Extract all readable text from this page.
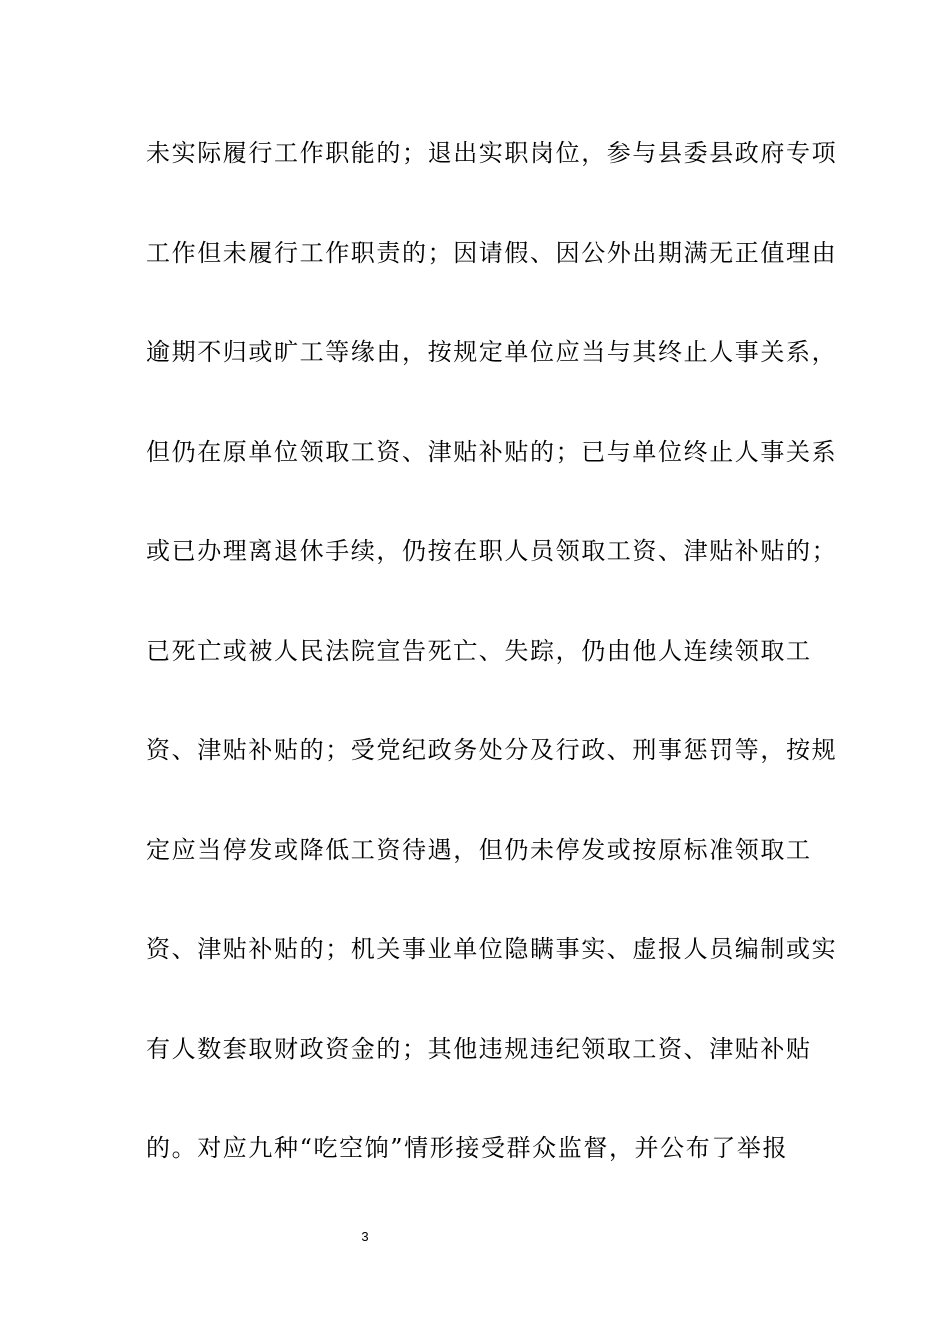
未实际履行工作职能的；退出实职岗位，参与县委县政府专项
工作但未履行工作职责的；因请假、因公外出期满无正值理由
逾期不归或旷工等缘由，按规定单位应当与其终止人事关系，
但仍在原单位领取工资、津贴补贴的；已与单位终止人事关系
或已办理离退休手续，仍按在职人员领取工资、津贴补贴的；
已死亡或被人民法院宣告死亡、失踪，仍由他人连续领取工
资、津贴补贴的；受党纪政务处分及行政、刑事惩罚等，按规
定应当停发或降低工资待遇，但仍未停发或按原标准领取工
资、津贴补贴的；机关事业单位隐瞒事实、虚报人员编制或实
有人数套取财政资金的；其他违规违纪领取工资、津贴补贴
的。对应九种“吃空饷”情形接受群众监督，并公布了举报
3
